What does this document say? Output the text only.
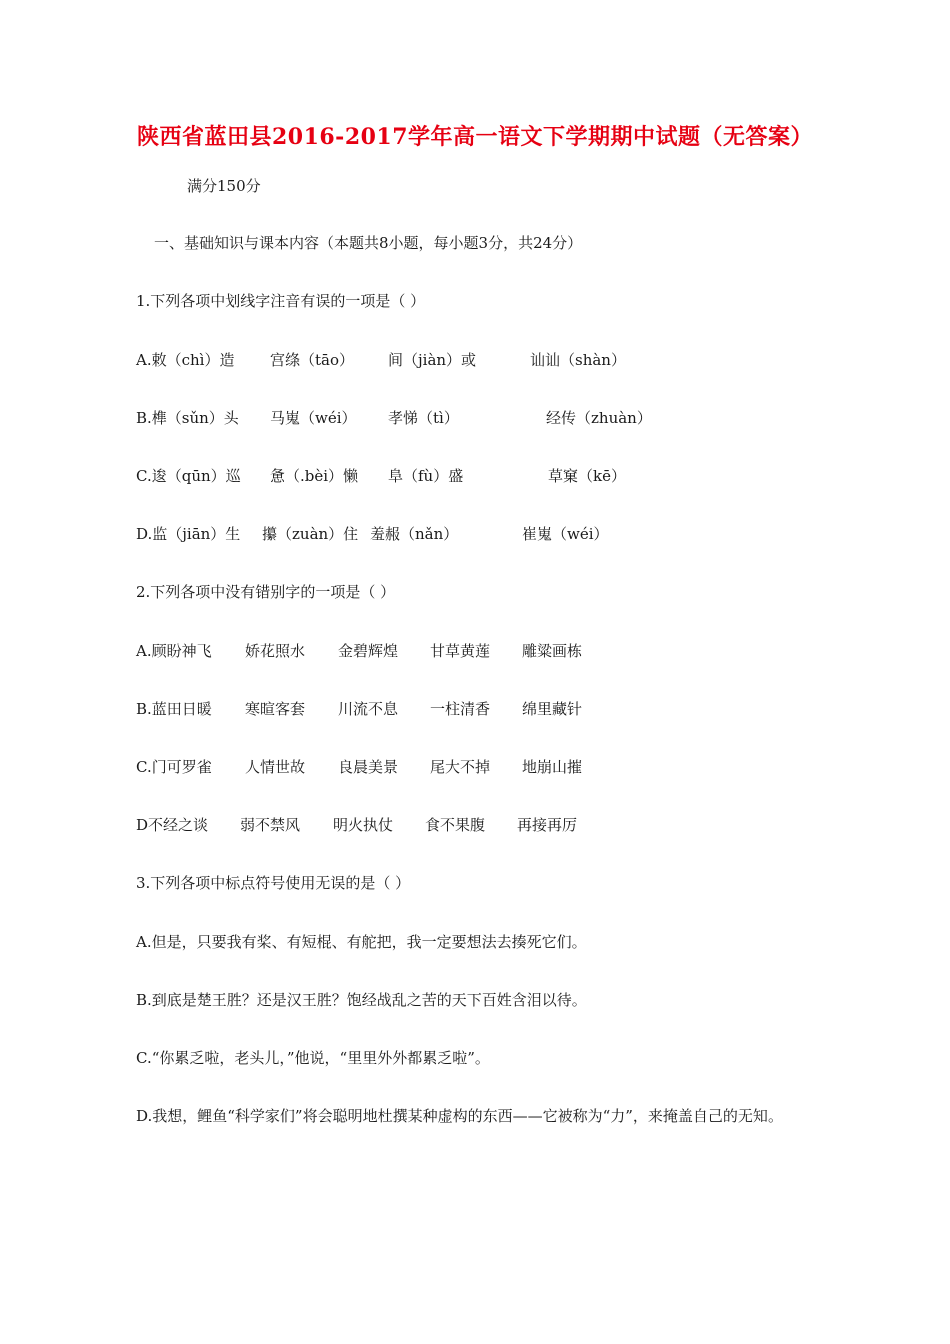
陕西省蓝田县2016-2017学年高一语文下学期期中试题（无答案）
满分150分
一、基础知识与课本内容（本题共8小题，每小题3分，共24分）
1.下列各项中划线字注音有误的一项是（ ）
A.敕（chì）造 宫绦（tāo） 间（jiàn）或	讪讪（shàn）
B.榫（sǔn）头 马嵬（wéi） 孝悌（tì）	经传（zhuàn）
C.逡（qūn）巡 惫（.bèi）懒 阜（fù）盛	草窠（kē）
D.监（jiān）生 攥（zuàn）住 羞赧（nǎn）	崔嵬（wéi）
2.下列各项中没有错别字的一项是（ ）
A.顾盼神飞 娇花照水 金碧辉煌 甘草黄莲 雕粱画栋
B.蓝田日暖 寒暄客套 川流不息 一柱清香 绵里藏针
C.门可罗雀 人情世故 良晨美景 尾大不掉 地崩山摧
D不经之谈 弱不禁风 明火执仗 食不果腹 再接再厉
3.下列各项中标点符号使用无误的是（ ）
A.但是，只要我有桨、有短棍、有舵把，我一定要想法去揍死它们。
B.到底是楚王胜？还是汉王胜？饱经战乱之苦的天下百姓含泪以待。
C.“你累乏啦，老头儿，”他说，“里里外外都累乏啦”。
D.我想，鲤鱼“科学家们”将会聪明地杜撰某种虚构的东西——它被称为“力”，来掩盖自己的无知。
